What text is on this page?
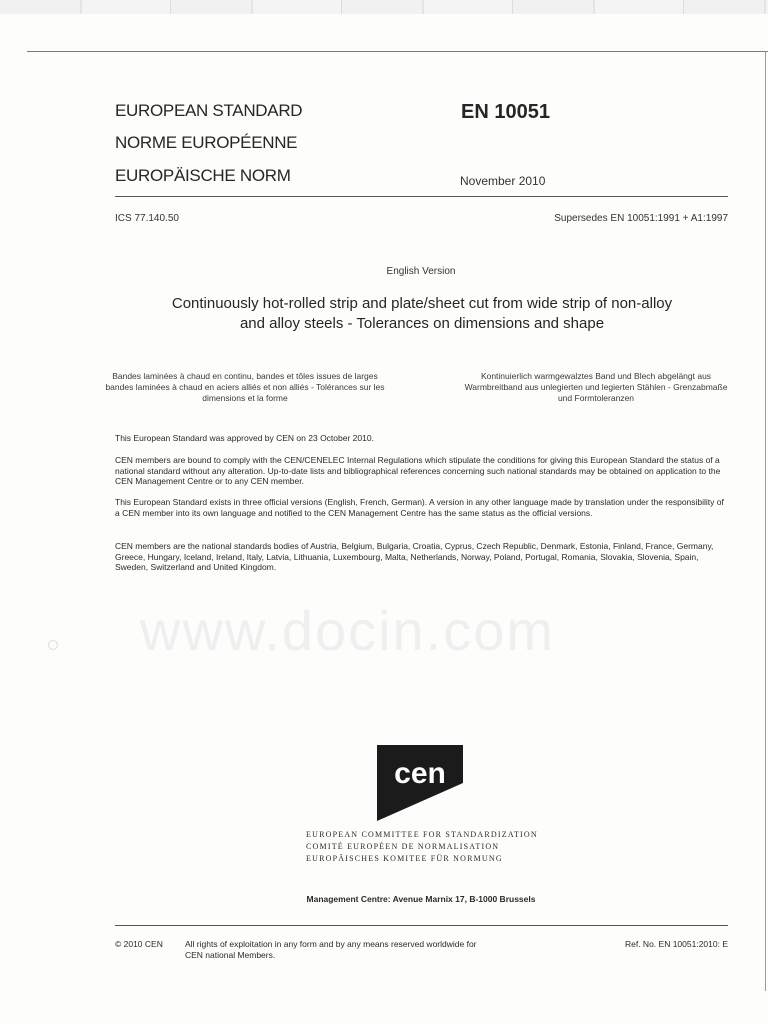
www.docin.com
EUROPEAN STANDARD
NORME EUROPÉENNE
EUROPÄISCHE NORM
EN 10051
November 2010
ICS 77.140.50	Supersedes EN 10051:1991 + A1:1997
English Version
Continuously hot-rolled strip and plate/sheet cut from wide strip of non-alloy and alloy steels - Tolerances on dimensions and shape
Bandes laminées à chaud en continu, bandes et tôles issues de larges bandes laminées à chaud en aciers alliés et non alliés - Tolérances sur les dimensions et la forme
Kontinuierlich warmgewalztes Band und Blech abgelängt aus Warmbreitband aus unlegierten und legierten Stählen - Grenzabmaße und Formtoleranzen

This European Standard was approved by CEN on 23 October 2010.

CEN members are bound to comply with the CEN/CENELEC Internal Regulations which stipulate the conditions for giving this European Standard the status of a national standard without any alteration. Up-to-date lists and bibliographical references concerning such national standards may be obtained on application to the CEN Management Centre or to any CEN member.

This European Standard exists in three official versions (English, French, German). A version in any other language made by translation under the responsibility of a CEN member into its own language and notified to the CEN Management Centre has the same status as the official versions.

CEN members are the national standards bodies of Austria, Belgium, Bulgaria, Croatia, Cyprus, Czech Republic, Denmark, Estonia, Finland, France, Germany, Greece, Hungary, Iceland, Ireland, Italy, Latvia, Lithuania, Luxembourg, Malta, Netherlands, Norway, Poland, Portugal, Romania, Slovakia, Slovenia, Spain, Sweden, Switzerland and United Kingdom.

cen
EUROPEAN COMMITTEE FOR STANDARDIZATION
COMITÉ EUROPÉEN DE NORMALISATION
EUROPÄISCHES KOMITEE FÜR NORMUNG
Management Centre: Avenue Marnix 17, B-1000 Brussels
© 2010 CEN	All rights of exploitation in any form and by any means reserved worldwide for CEN national Members.
Ref. No. EN 10051:2010: E
